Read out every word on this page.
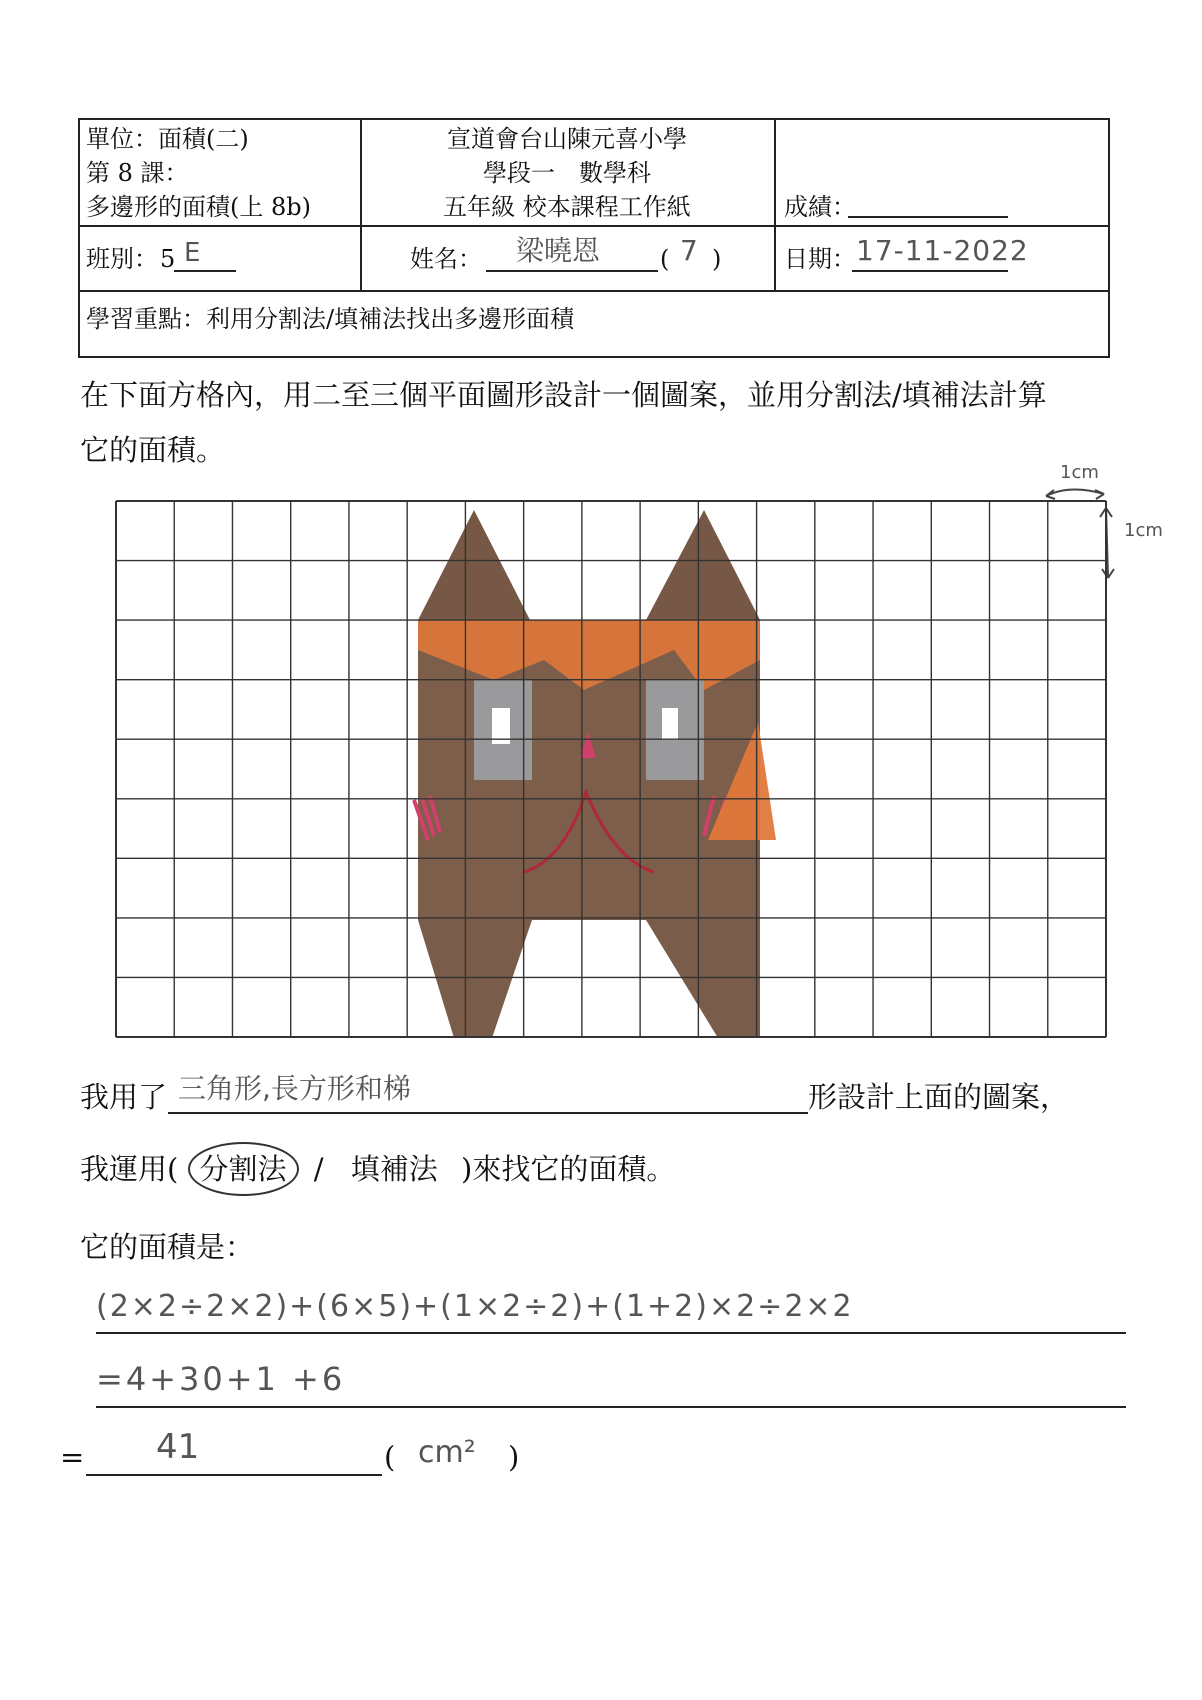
單位：面積(二)
第 8 課：
多邊形的面積(上 8b)
宣道會台山陳元喜小學
學段一　數學科
五年級 校本課程工作紙	成績：
班別： 5 E	姓名： 梁曉恩 ( 7 )	日期： 17-11-2022
學習重點：利用分割法/填補法找出多邊形面積
在下面方格內，用二至三個平面圖形設計一個圖案，並用分割法/填補法計算
它的面積。
1cm
1cm
我用了 三角形,長方形和梯	形設計上面的圖案，
我運用( 分割法 / 填補法 )來找它的面積。
它的面積是：
(2×2÷2×2)+(6×5)+(1×2÷2)+(1+2)×2÷2×2
=4+30+1 +6
= 41	( cm² )
